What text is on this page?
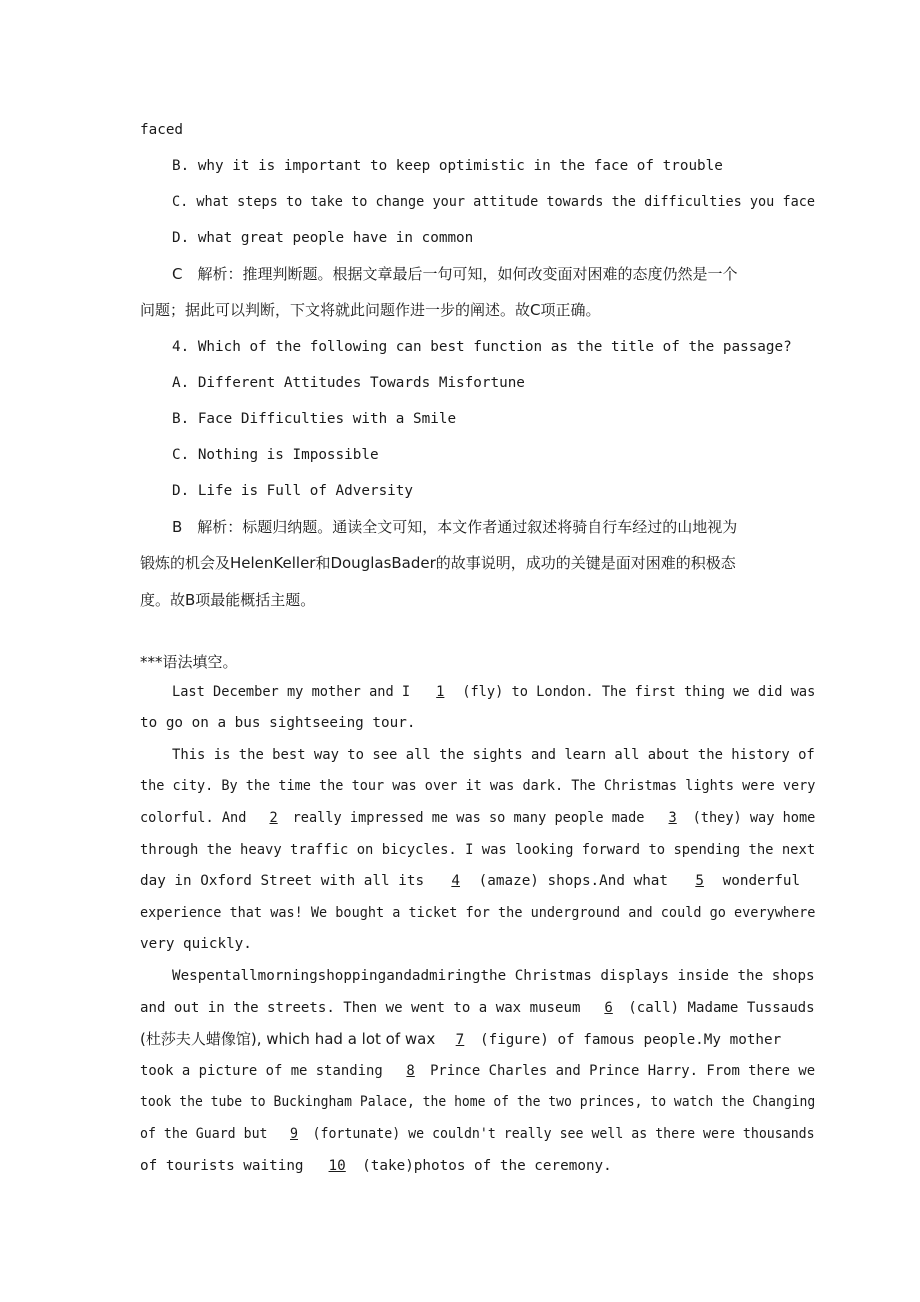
faced
B. why it is important to keep optimistic in the face of trouble
C. what steps to take to change your attitude towards the difficulties you face
D. what great people have in common
C　解析：推理判断题。根据文章最后一句可知，如何改变面对困难的态度仍然是一个
问题；据此可以判断，下文将就此问题作进一步的阐述。故C项正确。
4. Which of the following can best function as the title of the passage?
A. Different Attitudes Towards Misfortune
B. Face Difficulties with a Smile
C. Nothing is Impossible
D. Life is Full of Adversity
B　解析：标题归纳题。通读全文可知，本文作者通过叙述将骑自行车经过的山地视为
锻炼的机会及HelenKeller和DouglasBader的故事说明，成功的关键是面对困难的积极态
度。故B项最能概括主题。
***语法填空。
Last December my mother and I 1 (fly) to London. The first thing we did was
to go on a bus sightseeing tour.
This is the best way to see all the sights and learn all about the history of
the city. By the time the tour was over it was dark. The Christmas lights were very
colorful. And 2 really impressed me was so many people made 3 (they) way home
through the heavy traffic on bicycles. I was looking forward to spending the next
day in Oxford Street with all its 4 (amaze) shops.And what 5 wonderful
experience that was! We bought a ticket for the underground and could go everywhere
very quickly.
Wespentallmorningshoppingandadmiringthe Christmas displays inside the shops
and out in the streets. Then we went to a wax museum 6 (call) Madame Tussauds
(杜莎夫人蜡像馆), which had a lot of wax 7 (figure) of famous people.My mother
took a picture of me standing 8 Prince Charles and Prince Harry. From there we
took the tube to Buckingham Palace, the home of the two princes, to watch the Changing
of the Guard but 9 (fortunate) we couldn't really see well as there were thousands
of tourists waiting 10 (take)photos of the ceremony.
